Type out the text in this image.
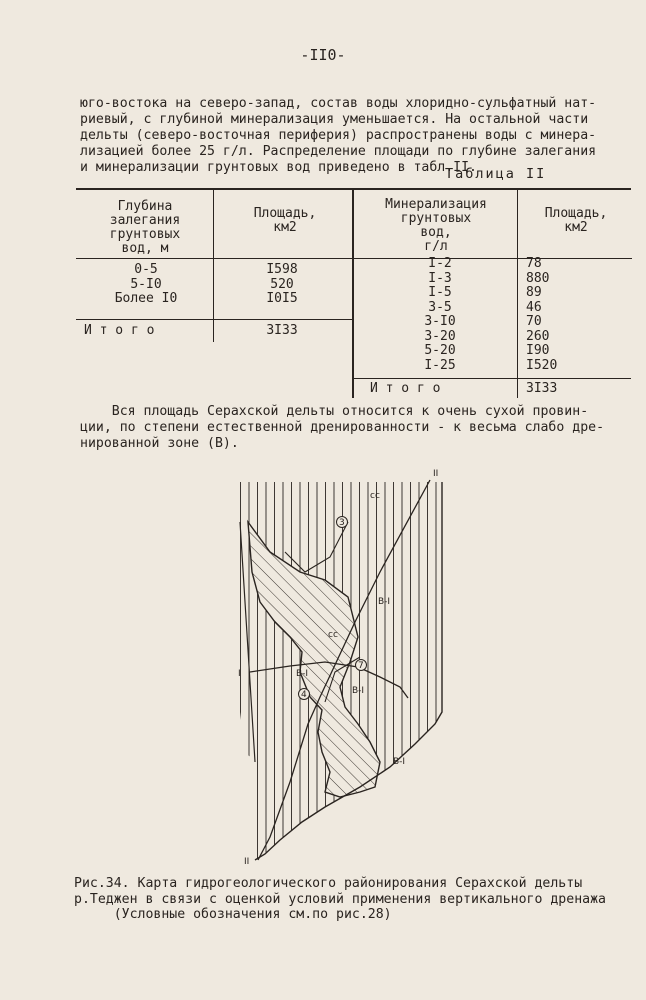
-II0-
юго-востока на северо-запад, состав воды хлоридно-сульфатный нат-
риевый, с глубиной минерализация уменьшается. На остальной части
дельты (северо-восточная периферия) распространены воды с минера-
лизацией более 25 г/л. Распределение площади по глубине залегания
и минерализации грунтовых вод приведено в табл.II.
Таблица II
Глубина
залегания
грунтовых
вод, м
Площадь,
км2
0-5
5-I0
Более I0
I598
520
I0I5
И т о г о	3I33
Минерализация
грунтовых
вод,
г/л
Площадь,
км2
I-2
I-3
I-5
3-5
3-I0
3-20
5-20
I-25
78
880
89
46
70
260
I90
I520
И т о г о	3I33
Вся площадь Серахской дельты относится к очень сухой провин-
ции, по степени естественной дренированности - к весьма слабо дре-
нированной зоне (В).
3
7
4
В-I
В-I
В-I
В-I
сс
сс
I
II
II
Рис.34. Карта гидрогеологического районирования Серахской дельты
р.Теджен в связи с оценкой условий применения вертикального дренажа
(Условные обозначения см.по рис.28)
